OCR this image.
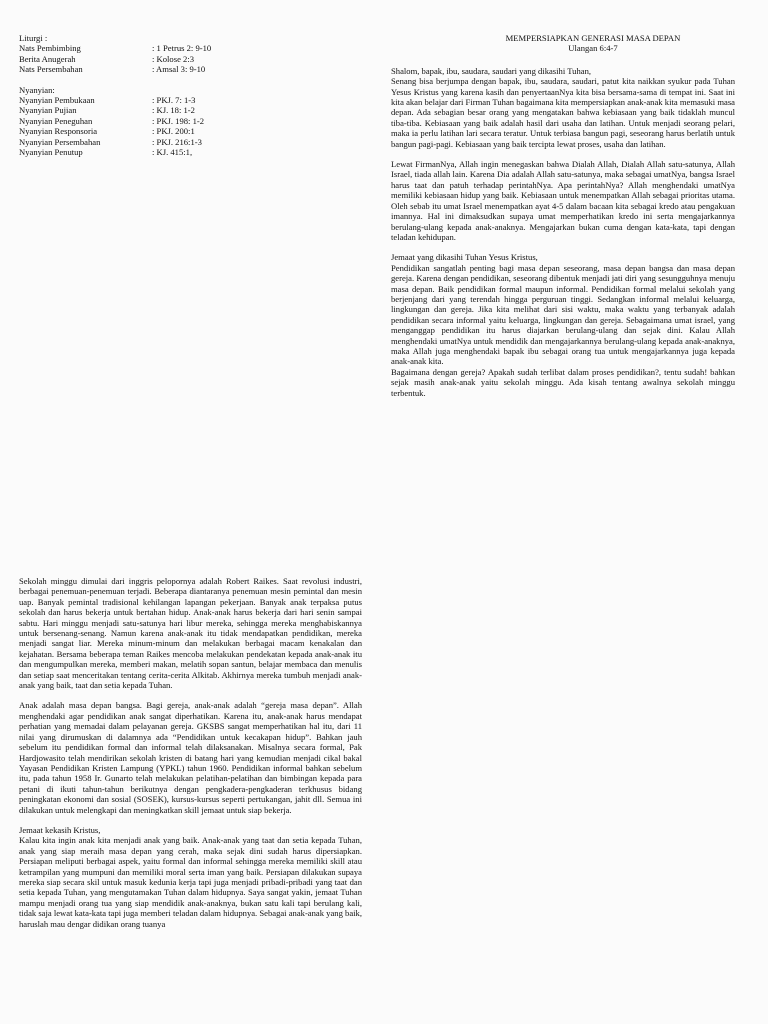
Liturgi :
Nats Pembimbing	: 1 Petrus 2: 9-10
Berita Anugerah	: Kolose 2:3
Nats Persembahan	: Amsal 3: 9-10
Nyanyian:
Nyanyian Pembukaan	: PKJ. 7: 1-3
Nyanyian Pujian	: KJ. 18: 1-2
Nyanyian Peneguhan	: PKJ. 198: 1-2
Nyanyian Responsoria	: PKJ. 200:1
Nyanyian Persembahan	: PKJ. 216:1-3
Nyanyian Penutup	: KJ. 415:1,
MEMPERSIAPKAN GENERASI MASA DEPAN
Ulangan 6:4-7

Shalom, bapak, ibu, saudara, saudari yang dikasihi Tuhan,

Senang bisa berjumpa dengan bapak, ibu, saudara, saudari, patut kita naikkan syukur pada Tuhan Yesus Kristus yang karena kasih dan penyertaanNya kita bisa bersama-sama di tempat ini. Saat ini kita akan belajar dari Firman Tuhan bagaimana kita mempersiapkan anak-anak kita memasuki masa depan. Ada sebagian besar orang yang mengatakan bahwa kebiasaan yang baik tidaklah muncul tiba-tiba. Kebiasaan yang baik adalah hasil dari usaha dan latihan. Untuk menjadi seorang pelari, maka ia perlu latihan lari secara teratur. Untuk terbiasa bangun pagi, seseorang harus berlatih untuk bangun pagi-pagi. Kebiasaan yang baik tercipta lewat proses, usaha dan latihan.

Lewat FirmanNya, Allah ingin menegaskan bahwa Dialah Allah, Dialah Allah satu-satunya, Allah Israel, tiada allah lain. Karena Dia adalah Allah satu-satunya, maka sebagai umatNya, bangsa Israel harus taat dan patuh terhadap perintahNya. Apa perintahNya? Allah menghendaki umatNya memiliki kebiasaan hidup yang baik. Kebiasaan untuk menempatkan Allah sebagai prioritas utama. Oleh sebab itu umat Israel menempatkan ayat 4-5 dalam bacaan kita sebagai kredo atau pengakuan imannya. Hal ini dimaksudkan supaya umat memperhatikan kredo ini serta mengajarkannya berulang-ulang kepada anak-anaknya. Mengajarkan bukan cuma dengan kata-kata, tapi dengan teladan kehidupan.

Jemaat yang dikasihi Tuhan Yesus Kristus,

Pendidikan sangatlah penting bagi masa depan seseorang, masa depan bangsa dan masa depan gereja. Karena dengan pendidikan, seseorang dibentuk menjadi jati diri yang sesungguhnya menuju masa depan. Baik pendidikan formal maupun informal. Pendidikan formal melalui sekolah yang berjenjang dari yang terendah hingga perguruan tinggi. Sedangkan informal melalui keluarga, lingkungan dan gereja. Jika kita melihat dari sisi waktu, maka waktu yang terbanyak adalah pendidikan secara informal yaitu keluarga, lingkungan dan gereja. Sebagaimana umat israel, yang menganggap pendidikan itu harus diajarkan berulang-ulang dan sejak dini. Kalau Allah menghendaki umatNya untuk mendidik dan mengajarkannya berulang-ulang kepada anak-anaknya, maka Allah juga menghendaki bapak ibu sebagai orang tua untuk mengajarkannya juga kepada anak-anak kita.

Bagaimana dengan gereja? Apakah sudah terlibat dalam proses pendidikan?, tentu sudah! bahkan sejak masih anak-anak yaitu sekolah minggu. Ada kisah tentang awalnya sekolah minggu terbentuk.

Sekolah minggu dimulai dari inggris pelopornya adalah Robert Raikes. Saat revolusi industri, berbagai penemuan-penemuan terjadi. Beberapa diantaranya penemuan mesin pemintal dan mesin uap. Banyak pemintal tradisional kehilangan lapangan pekerjaan. Banyak anak terpaksa putus sekolah dan harus bekerja untuk bertahan hidup. Anak-anak harus bekerja dari hari senin sampai sabtu. Hari minggu menjadi satu-satunya hari libur mereka, sehingga mereka menghabiskannya untuk bersenang-senang. Namun karena anak-anak itu tidak mendapatkan pendidikan, mereka menjadi sangat liar. Mereka minum-minum dan melakukan berbagai macam kenakalan dan kejahatan. Bersama beberapa teman Raikes mencoba melakukan pendekatan kepada anak-anak itu dan mengumpulkan mereka, memberi makan, melatih sopan santun, belajar membaca dan menulis dan setiap saat menceritakan tentang cerita-cerita Alkitab. Akhirnya mereka tumbuh menjadi anak-anak yang baik, taat dan setia kepada Tuhan.

Anak adalah masa depan bangsa. Bagi gereja, anak-anak adalah “gereja masa depan”. Allah menghendaki agar pendidikan anak sangat diperhatikan. Karena itu, anak-anak harus mendapat perhatian yang memadai dalam pelayanan gereja. GKSBS sangat memperhatikan hal itu, dari 11 nilai yang dirumuskan di dalamnya ada “Pendidikan untuk kecakapan hidup”. Bahkan jauh sebelum itu pendidikan formal dan informal telah dilaksanakan. Misalnya secara formal, Pak Hardjowasito telah mendirikan sekolah kristen di batang hari yang kemudian menjadi cikal bakal Yayasan Pendidikan Kristen Lampung (YPKL) tahun 1960. Pendidikan informal bahkan sebelum itu, pada tahun 1958 Ir. Gunarto telah melakukan pelatihan-pelatihan dan bimbingan kepada para petani di ikuti tahun-tahun berikutnya dengan pengkadera-pengkaderan terkhusus bidang peningkatan ekonomi dan sosial (SOSEK), kursus-kursus seperti pertukangan, jahit dll. Semua ini dilakukan untuk melengkapi dan meningkatkan skill jemaat untuk siap bekerja.

Jemaat kekasih Kristus,

Kalau kita ingin anak kita menjadi anak yang baik. Anak-anak yang taat dan setia kepada Tuhan, anak yang siap meraih masa depan yang cerah, maka sejak dini sudah harus dipersiapkan. Persiapan meliputi berbagai aspek, yaitu formal dan informal sehingga mereka memiliki skill atau ketrampilan yang mumpuni dan memiliki moral serta iman yang baik. Persiapan dilakukan supaya mereka siap secara skil untuk masuk kedunia kerja tapi juga menjadi pribadi-pribadi yang taat dan setia kepada Tuhan, yang mengutamakan Tuhan dalam hidupnya. Saya sangat yakin, jemaat Tuhan mampu menjadi orang tua yang siap mendidik anak-anaknya, bukan satu kali tapi berulang kali, tidak saja lewat kata-kata tapi juga memberi teladan dalam hidupnya. Sebagai anak-anak yang baik, haruslah mau dengar didikan orang tuanya
